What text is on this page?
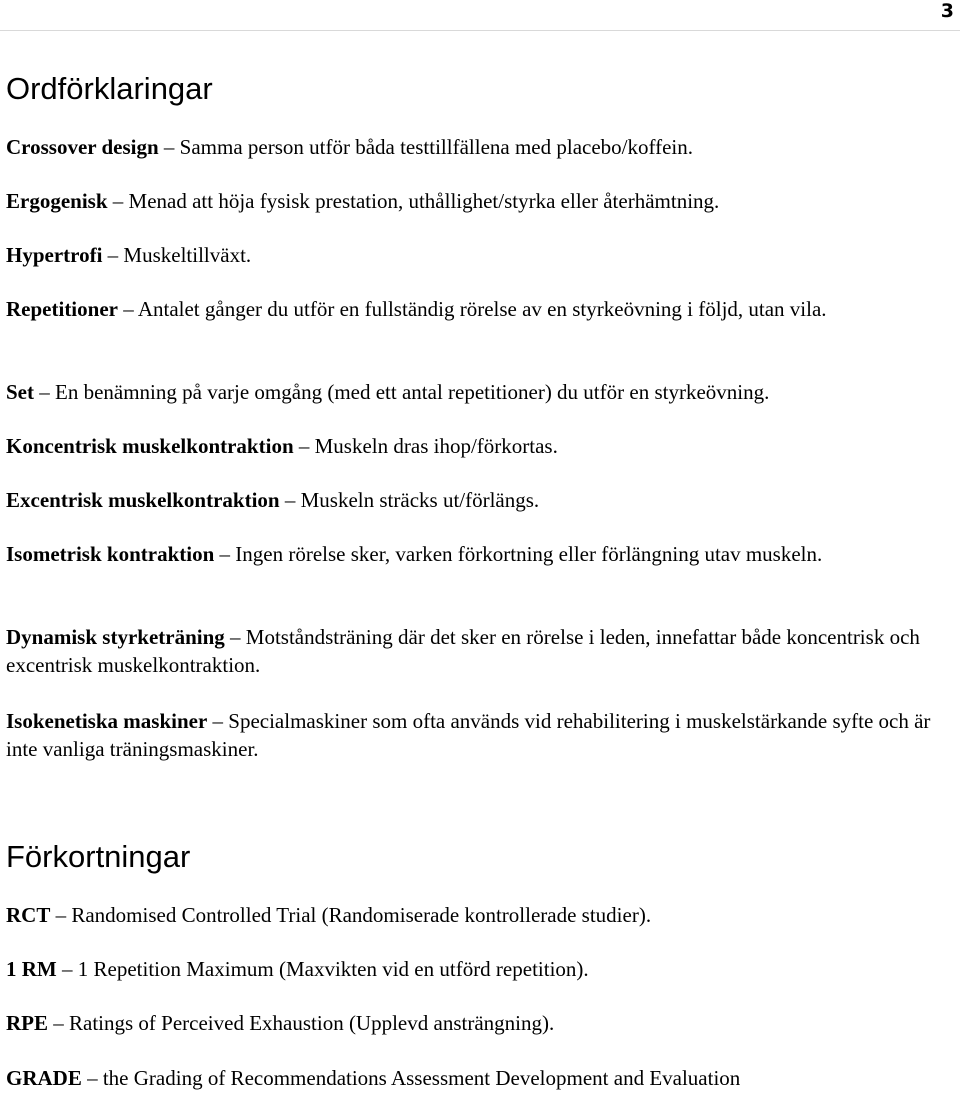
3
Ordförklaringar

Crossover design – Samma person utför båda testtillfällena med placebo/koffein.

Ergogenisk – Menad att höja fysisk prestation, uthållighet/styrka eller återhämtning.

Hypertrofi – Muskeltillväxt.

Repetitioner – Antalet gånger du utför en fullständig rörelse av en styrkeövning i följd, utan vila.

Set – En benämning på varje omgång (med ett antal repetitioner) du utför en styrkeövning.

Koncentrisk muskelkontraktion – Muskeln dras ihop/förkortas.

Excentrisk muskelkontraktion – Muskeln sträcks ut/förlängs.

Isometrisk kontraktion – Ingen rörelse sker, varken förkortning eller förlängning utav muskeln.

Dynamisk styrketräning – Motståndsträning där det sker en rörelse i leden, innefattar både koncentrisk och excentrisk muskelkontraktion.

Isokenetiska maskiner – Specialmaskiner som ofta används vid rehabilitering i muskelstärkande syfte och är inte vanliga träningsmaskiner.

Förkortningar

RCT – Randomised Controlled Trial (Randomiserade kontrollerade studier).

1 RM – 1 Repetition Maximum (Maxvikten vid en utförd repetition).

RPE – Ratings of Perceived Exhaustion (Upplevd ansträngning).

GRADE – the Grading of Recommendations Assessment Development and Evaluation
